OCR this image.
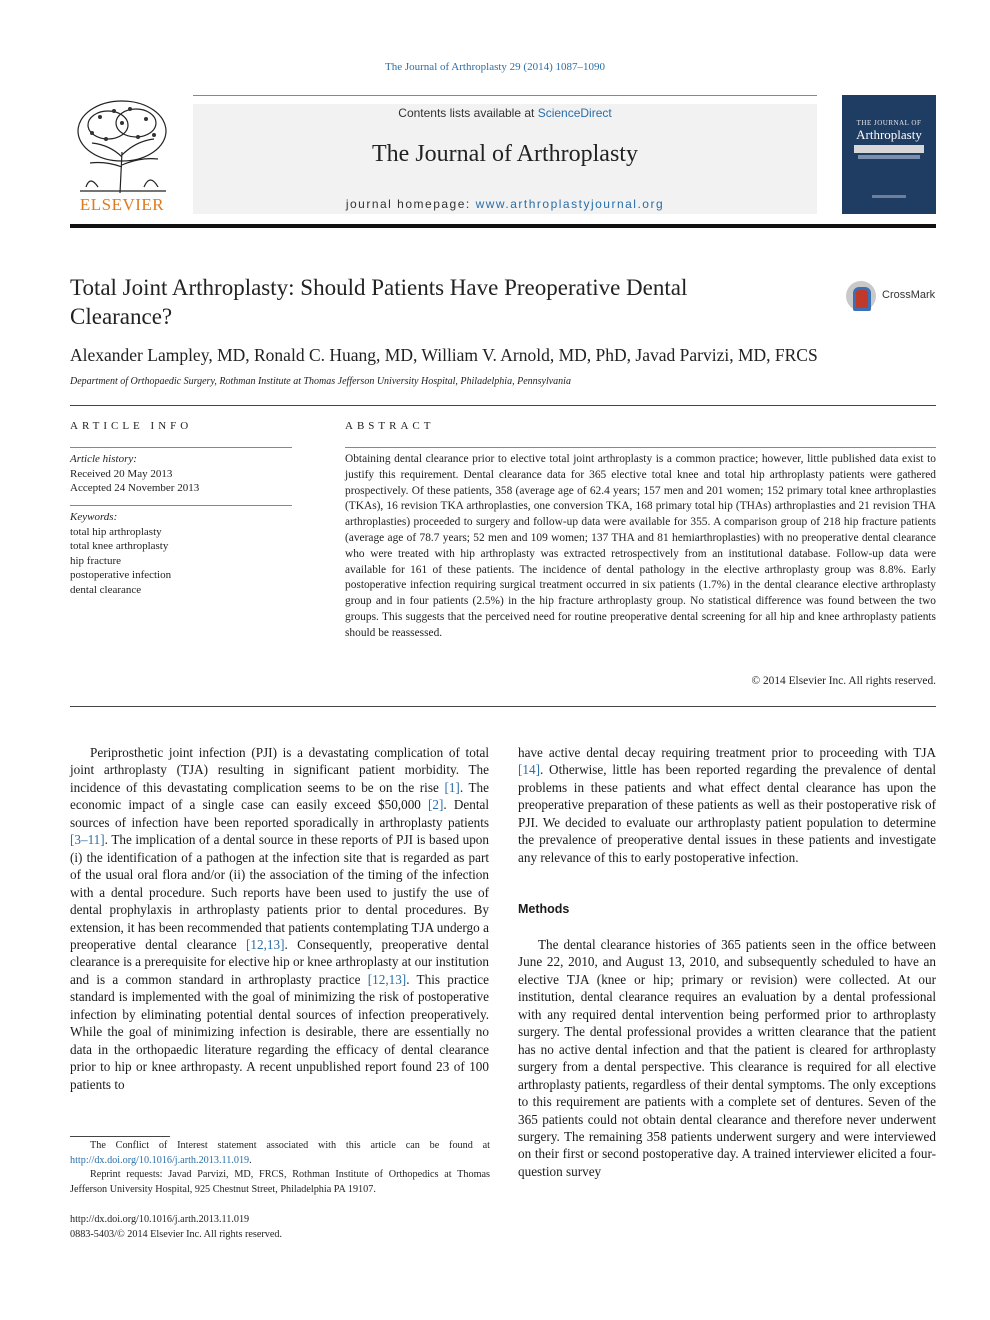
The Journal of Arthroplasty 29 (2014) 1087–1090
ELSEVIER
Contents lists available at ScienceDirect
The Journal of Arthroplasty
journal homepage: www.arthroplastyjournal.org
THE JOURNAL OF
Arthroplasty
Total Joint Arthroplasty: Should Patients Have Preoperative Dental Clearance?
CrossMark
Alexander Lampley, MD, Ronald C. Huang, MD, William V. Arnold, MD, PhD, Javad Parvizi, MD, FRCS
Department of Orthopaedic Surgery, Rothman Institute at Thomas Jefferson University Hospital, Philadelphia, Pennsylvania
ARTICLE INFO
Article history:
Received 20 May 2013
Accepted 24 November 2013
Keywords:
total hip arthroplasty
total knee arthroplasty
hip fracture
postoperative infection
dental clearance
ABSTRACT
Obtaining dental clearance prior to elective total joint arthroplasty is a common practice; however, little published data exist to justify this requirement. Dental clearance data for 365 elective total knee and total hip arthroplasty patients were gathered prospectively. Of these patients, 358 (average age of 62.4 years; 157 men and 201 women; 152 primary total knee arthroplasties (TKAs), 16 revision TKA arthroplasties, one conversion TKA, 168 primary total hip (THAs) arthroplasties and 21 revision THA arthroplasties) proceeded to surgery and follow-up data were available for 355. A comparison group of 218 hip fracture patients (average age of 78.7 years; 52 men and 109 women; 137 THA and 81 hemiarthroplasties) with no preoperative dental clearance who were treated with hip arthroplasty was extracted retrospectively from an institutional database. Follow-up data were available for 161 of these patients. The incidence of dental pathology in the elective arthroplasty group was 8.8%. Early postoperative infection requiring surgical treatment occurred in six patients (1.7%) in the dental clearance elective arthroplasty group and in four patients (2.5%) in the hip fracture arthroplasty group. No statistical difference was found between the two groups. This suggests that the perceived need for routine preoperative dental screening for all hip and knee arthroplasty patients should be reassessed.
© 2014 Elsevier Inc. All rights reserved.

Periprosthetic joint infection (PJI) is a devastating complication of total joint arthroplasty (TJA) resulting in significant patient morbidity. The incidence of this devastating complication seems to be on the rise [1]. The economic impact of a single case can easily exceed $50,000 [2]. Dental sources of infection have been reported sporadically in arthroplasty patients [3–11]. The implication of a dental source in these reports of PJI is based upon (i) the identification of a pathogen at the infection site that is regarded as part of the usual oral flora and/or (ii) the association of the timing of the infection with a dental procedure. Such reports have been used to justify the use of dental prophylaxis in arthroplasty patients prior to dental procedures. By extension, it has been recommended that patients contemplating TJA undergo a preoperative dental clearance [12,13]. Consequently, preoperative dental clearance is a prerequisite for elective hip or knee arthroplasty at our institution and is a common standard in arthroplasty practice [12,13]. This practice standard is implemented with the goal of minimizing the risk of postoperative infection by eliminating potential dental sources of infection preoperatively. While the goal of minimizing infection is desirable, there are essentially no data in the orthopaedic literature regarding the efficacy of dental clearance prior to hip or knee arthropasty. A recent unpublished report found 23 of 100 patients to

have active dental decay requiring treatment prior to proceeding with TJA [14]. Otherwise, little has been reported regarding the prevalence of dental problems in these patients and what effect dental clearance has upon the preoperative preparation of these patients as well as their postoperative risk of PJI. We decided to evaluate our arthroplasty patient population to determine the prevalence of preoperative dental issues in these patients and investigate any relevance of this to early postoperative infection.

Methods

The dental clearance histories of 365 patients seen in the office between June 22, 2010, and August 13, 2010, and subsequently scheduled to have an elective TJA (knee or hip; primary or revision) were collected. At our institution, dental clearance requires an evaluation by a dental professional with any required dental intervention being performed prior to arthroplasty surgery. The dental professional provides a written clearance that the patient has no active dental infection and that the patient is cleared for arthroplasty surgery from a dental perspective. This clearance is required for all elective arthroplasty patients, regardless of their dental symptoms. The only exceptions to this requirement are patients with a complete set of dentures. Seven of the 365 patients could not obtain dental clearance and therefore never underwent surgery. The remaining 358 patients underwent surgery and were interviewed on their first or second postoperative day. A trained interviewer elicited a four-question survey

The Conflict of Interest statement associated with this article can be found at http://dx.doi.org/10.1016/j.arth.2013.11.019.
Reprint requests: Javad Parvizi, MD, FRCS, Rothman Institute of Orthopedics at Thomas Jefferson University Hospital, 925 Chestnut Street, Philadelphia PA 19107.
http://dx.doi.org/10.1016/j.arth.2013.11.019
0883-5403/© 2014 Elsevier Inc. All rights reserved.
